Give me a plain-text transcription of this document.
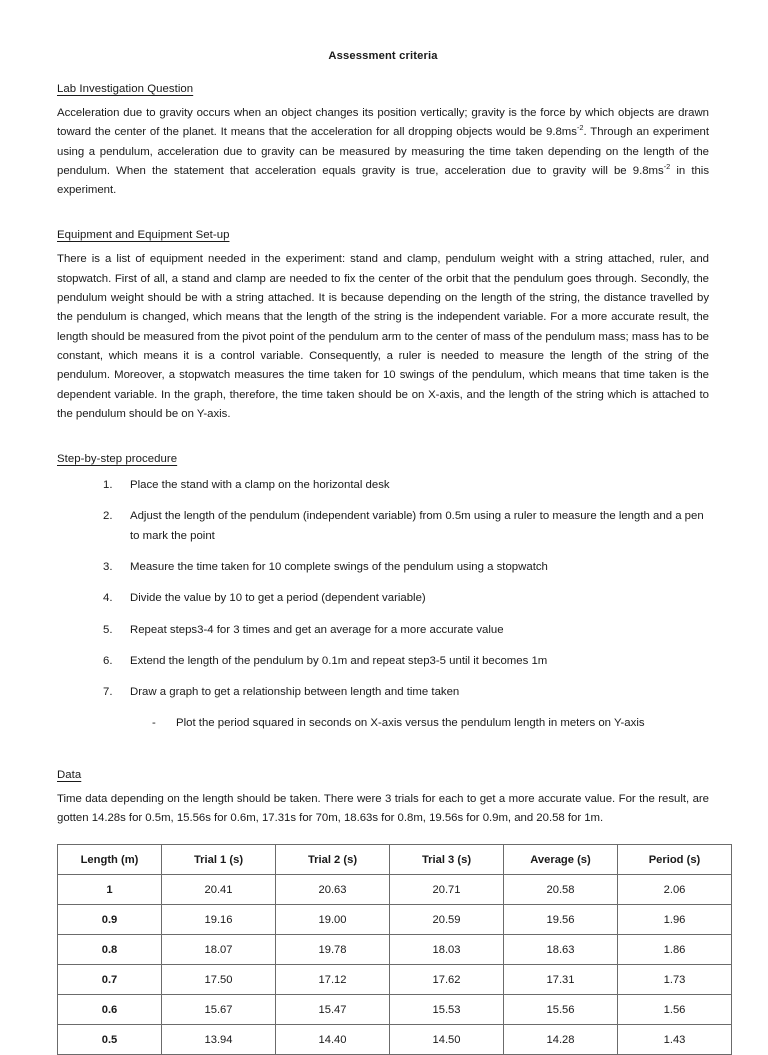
Assessment criteria
Lab Investigation Question

Acceleration due to gravity occurs when an object changes its position vertically; gravity is the force by which objects are drawn toward the center of the planet. It means that the acceleration for all dropping objects would be $9.8ms^{-2}$. Through an experiment using a pendulum, acceleration due to gravity can be measured by measuring the time taken depending on the length of the pendulum. When the statement that acceleration equals gravity is true, acceleration due to gravity will be $9.8ms^{-2}$ in this experiment.

Equipment and Equipment Set-up

There is a list of equipment needed in the experiment: stand and clamp, pendulum weight with a string attached, ruler, and stopwatch. First of all, a stand and clamp are needed to fix the center of the orbit that the pendulum goes through. Secondly, the pendulum weight should be with a string attached. It is because depending on the length of the string, the distance travelled by the pendulum is changed, which means that the length of the string is the independent variable. For a more accurate result, the length should be measured from the pivot point of the pendulum arm to the center of mass of the pendulum mass; mass has to be constant, which means it is a control variable. Consequently, a ruler is needed to measure the length of the string of the pendulum. Moreover, a stopwatch measures the time taken for 10 swings of the pendulum, which means that time taken is the dependent variable. In the graph, therefore, the time taken should be on X-axis, and the length of the string which is attached to the pendulum should be on Y-axis.

Step-by-step procedure
Place the stand with a clamp on the horizontal desk
Adjust the length of the pendulum (independent variable) from 0.5m using a ruler to measure the length and a pen to mark the point
Measure the time taken for 10 complete swings of the pendulum using a stopwatch
Divide the value by 10 to get a period (dependent variable)
Repeat steps3-4 for 3 times and get an average for a more accurate value
Extend the length of the pendulum by 0.1m and repeat step3-5 until it becomes 1m
Draw a graph to get a relationship between length and time taken
- Plot the period squared in seconds on X-axis versus the pendulum length in meters on Y-axis
Data

Time data depending on the length should be taken. There were 3 trials for each to get a more accurate value. For the result, are gotten 14.28s for 0.5m, 15.56s for 0.6m, 17.31s for 70m, 18.63s for 0.8m, 19.56s for 0.9m, and 20.58 for 1m.

Length (m)	Trial 1 (s)	Trial 2 (s)	Trial 3 (s)	Average (s)	Period (s)
1	20.41	20.63	20.71	20.58	2.06
0.9	19.16	19.00	20.59	19.56	1.96
0.8	18.07	19.78	18.03	18.63	1.86
0.7	17.50	17.12	17.62	17.31	1.73
0.6	15.67	15.47	15.53	15.56	1.56
0.5	13.94	14.40	14.50	14.28	1.43
